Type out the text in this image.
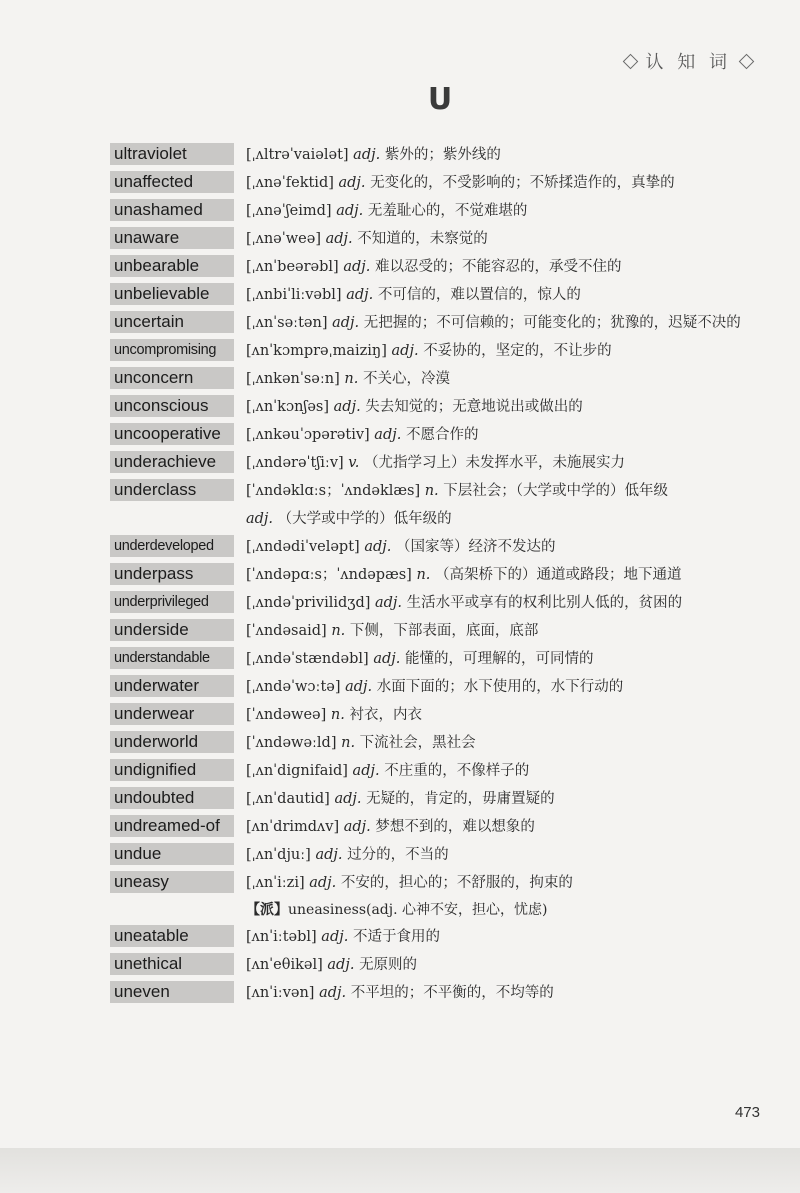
认 知 词
U
ultraviolet	[ˌʌltrəˈvaiələt] adj. 紫外的；紫外线的
unaffected	[ˌʌnəˈfektid] adj. 无变化的，不受影响的；不矫揉造作的，真挚的
unashamed	[ˌʌnəˈʃeimd] adj. 无羞耻心的，不觉难堪的
unaware	[ˌʌnəˈweə] adj. 不知道的，未察觉的
unbearable	[ˌʌnˈbeərəbl] adj. 难以忍受的；不能容忍的，承受不住的
unbelievable	[ˌʌnbiˈliːvəbl] adj. 不可信的，难以置信的，惊人的
uncertain	[ˌʌnˈsəːtən] adj. 无把握的；不可信赖的；可能变化的；犹豫的，迟疑不决的
uncompromising	[ʌnˈkɔmprəˌmaiziŋ] adj. 不妥协的，坚定的，不让步的
unconcern	[ˌʌnkənˈsəːn] n. 不关心，冷漠
unconscious	[ˌʌnˈkɔnʃəs] adj. 失去知觉的；无意地说出或做出的
uncooperative	[ˌʌnkəuˈɔpərətiv] adj. 不愿合作的
underachieve	[ˌʌndərəˈtʃiːv] v. （尤指学习上）未发挥水平，未施展实力
underclass	[ˈʌndəklɑːs；ˈʌndəklæs] n. 下层社会；（大学或中学的）低年级
adj. （大学或中学的）低年级的
underdeveloped	[ˌʌndədiˈveləpt] adj. （国家等）经济不发达的
underpass	[ˈʌndəpɑːs；ˈʌndəpæs] n. （高架桥下的）通道或路段；地下通道
underprivileged	[ˌʌndəˈprivilidʒd] adj. 生活水平或享有的权利比别人低的，贫困的
underside	[ˈʌndəsaid] n. 下侧，下部表面，底面，底部
understandable	[ˌʌndəˈstændəbl] adj. 能懂的，可理解的，可同情的
underwater	[ˌʌndəˈwɔːtə] adj. 水面下面的；水下使用的，水下行动的
underwear	[ˈʌndəweə] n. 衬衣，内衣
underworld	[ˈʌndəwəːld] n. 下流社会，黑社会
undignified	[ˌʌnˈdignifaid] adj. 不庄重的，不像样子的
undoubted	[ˌʌnˈdautid] adj. 无疑的，肯定的，毋庸置疑的
undreamed-of	[ʌnˈdrimdʌv] adj. 梦想不到的，难以想象的
undue	[ˌʌnˈdjuː] adj. 过分的，不当的
uneasy	[ˌʌnˈiːzi] adj. 不安的，担心的；不舒服的，拘束的
【派】uneasiness(adj. 心神不安，担心，忧虑)
uneatable	[ʌnˈiːtəbl] adj. 不适于食用的
unethical	[ʌnˈeθikəl] adj. 无原则的
uneven	[ʌnˈiːvən] adj. 不平坦的；不平衡的，不均等的
473
